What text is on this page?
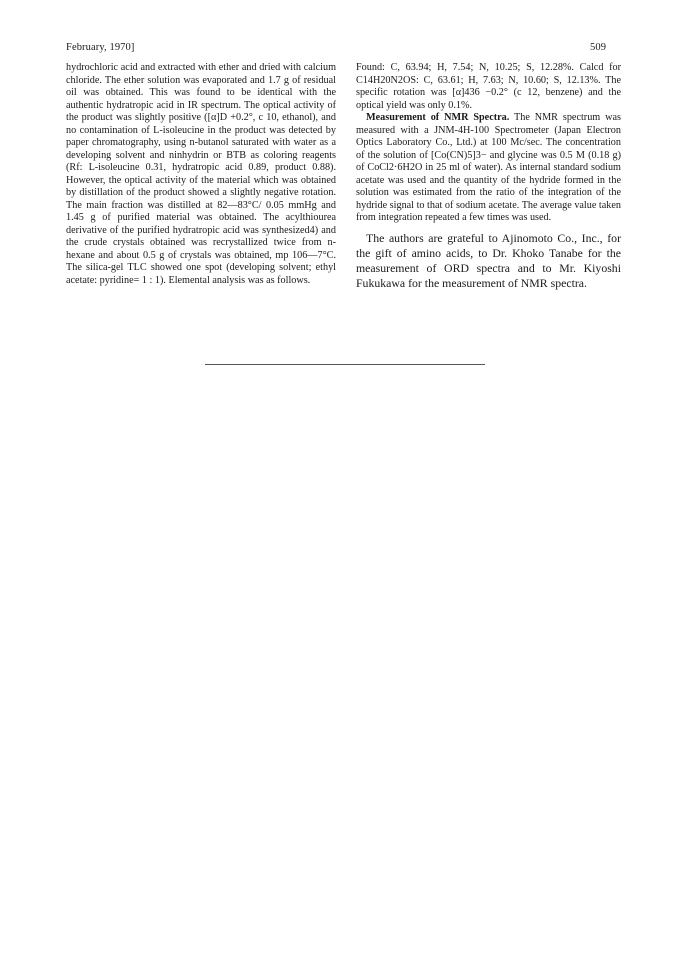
February, 1970]	509

hydrochloric acid and extracted with ether and dried with calcium chloride. The ether solution was evaporated and 1.7 g of residual oil was obtained. This was found to be identical with the authentic hydratropic acid in IR spectrum. The optical activity of the product was slightly positive ([α]D +0.2°, c 10, ethanol), and no contamination of L-isoleucine in the product was detected by paper chromatography, using n-butanol saturated with water as a developing solvent and ninhydrin or BTB as coloring reagents (Rf: L-isoleucine 0.31, hydratropic acid 0.89, product 0.88). However, the optical activity of the material which was obtained by distillation of the product showed a slightly negative rotation. The main fraction was distilled at 82—83°C/ 0.05 mmHg and 1.45 g of purified material was obtained. The acylthiourea derivative of the purified hydratropic acid was synthesized4) and the crude crystals obtained was recrystallized twice from n-hexane and about 0.5 g of crystals was obtained, mp 106—7°C. The silica-gel TLC showed one spot (developing solvent; ethyl acetate: pyridine= 1 : 1). Elemental analysis was as follows.

Found: C, 63.94; H, 7.54; N, 10.25; S, 12.28%. Calcd for C14H20N2OS: C, 63.61; H, 7.63; N, 10.60; S, 12.13%. The specific rotation was [α]436 −0.2° (c 12, benzene) and the optical yield was only 0.1%.

Measurement of NMR Spectra. The NMR spectrum was measured with a JNM-4H-100 Spectrometer (Japan Electron Optics Laboratory Co., Ltd.) at 100 Mc/sec. The concentration of the solution of [Co(CN)5]3− and glycine was 0.5 M (0.18 g) of CoCl2·6H2O in 25 ml of water). As internal standard sodium acetate was used and the quantity of the hydride formed in the solution was estimated from the ratio of the integration of the hydride signal to that of sodium acetate. The average value taken from integration repeated a few times was used.

The authors are grateful to Ajinomoto Co., Inc., for the gift of amino acids, to Dr. Khoko Tanabe for the measurement of ORD spectra and to Mr. Kiyoshi Fukukawa for the measurement of NMR spectra.
